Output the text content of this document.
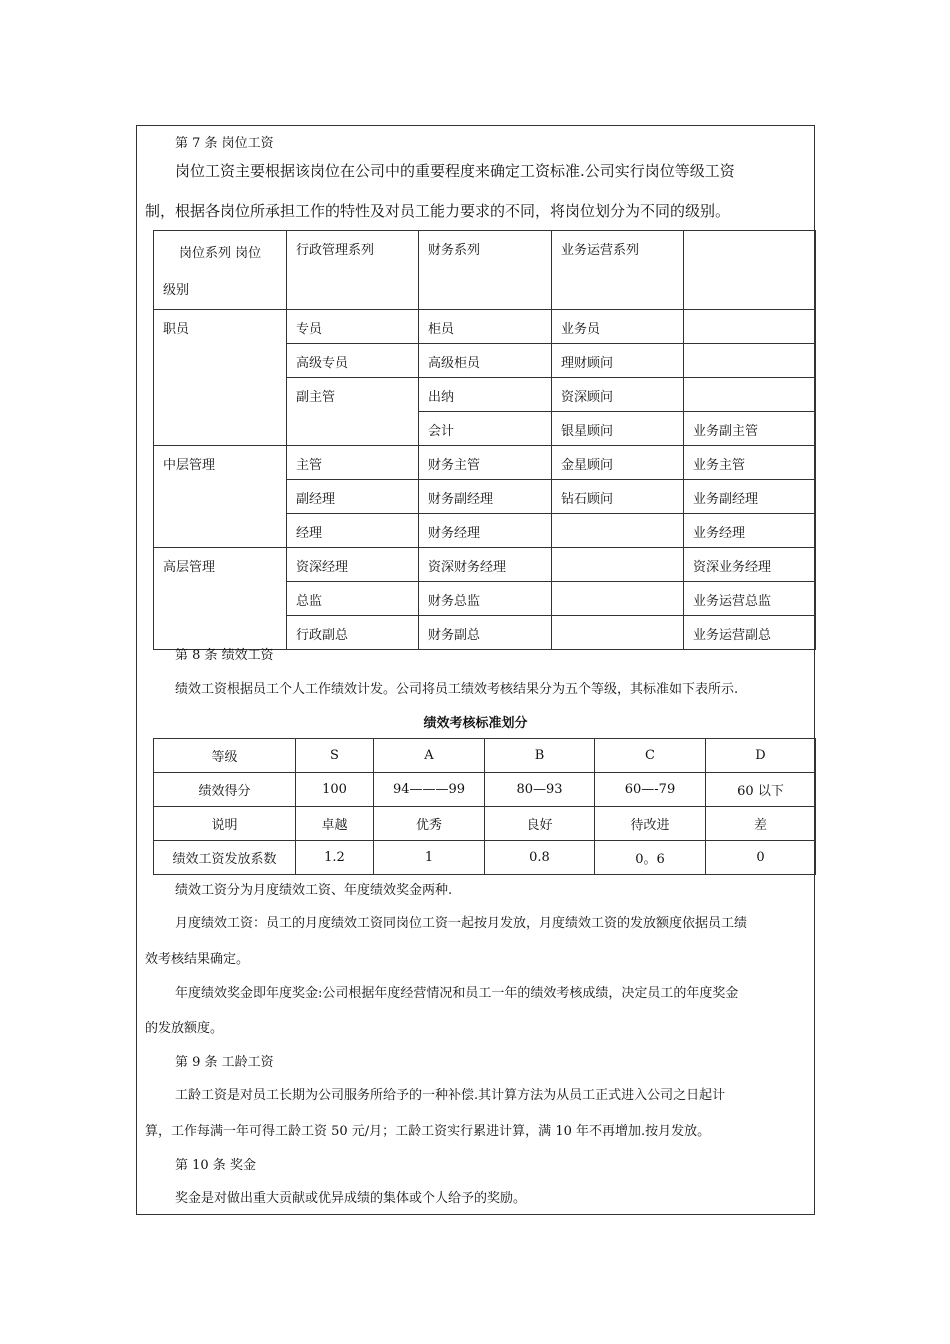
第 7 条 岗位工资
岗位工资主要根据该岗位在公司中的重要程度来确定工资标准.公司实行岗位等级工资
制，根据各岗位所承担工作的特性及对员工能力要求的不同，将岗位划分为不同的级别。
岗位系列 岗位
级别	行政管理系列	财务系列	业务运营系列	
职员	专员	柜员	业务员	
	高级专员	高级柜员	理财顾问	
	副主管	出纳	资深顾问	
		会计	银星顾问	业务副主管
中层管理	主管	财务主管	金星顾问	业务主管
	副经理	财务副经理	钻石顾问	业务副经理
	经理	财务经理		业务经理
高层管理	资深经理	资深财务经理		资深业务经理
	总监	财务总监		业务运营总监
	行政副总	财务副总		业务运营副总
第 8 条 绩效工资
绩效工资根据员工个人工作绩效计发。公司将员工绩效考核结果分为五个等级，其标准如下表所示.
绩效考核标准划分
等级	S	A	B	C	D
绩效得分	100	94———99	80—93	60—-79	60 以下
说明	卓越	优秀	良好	待改进	差
绩效工资发放系数	1.2	1	0.8	0。6	0
绩效工资分为月度绩效工资、年度绩效奖金两种.
月度绩效工资：员工的月度绩效工资同岗位工资一起按月发放，月度绩效工资的发放额度依据员工绩
效考核结果确定。
年度绩效奖金即年度奖金:公司根据年度经营情况和员工一年的绩效考核成绩，决定员工的年度奖金
的发放额度。
第 9 条 工龄工资
工龄工资是对员工长期为公司服务所给予的一种补偿.其计算方法为从员工正式进入公司之日起计
算，工作每满一年可得工龄工资 50 元/月；工龄工资实行累进计算，满 10 年不再增加.按月发放。
第 10 条 奖金
奖金是对做出重大贡献或优异成绩的集体或个人给予的奖励。
